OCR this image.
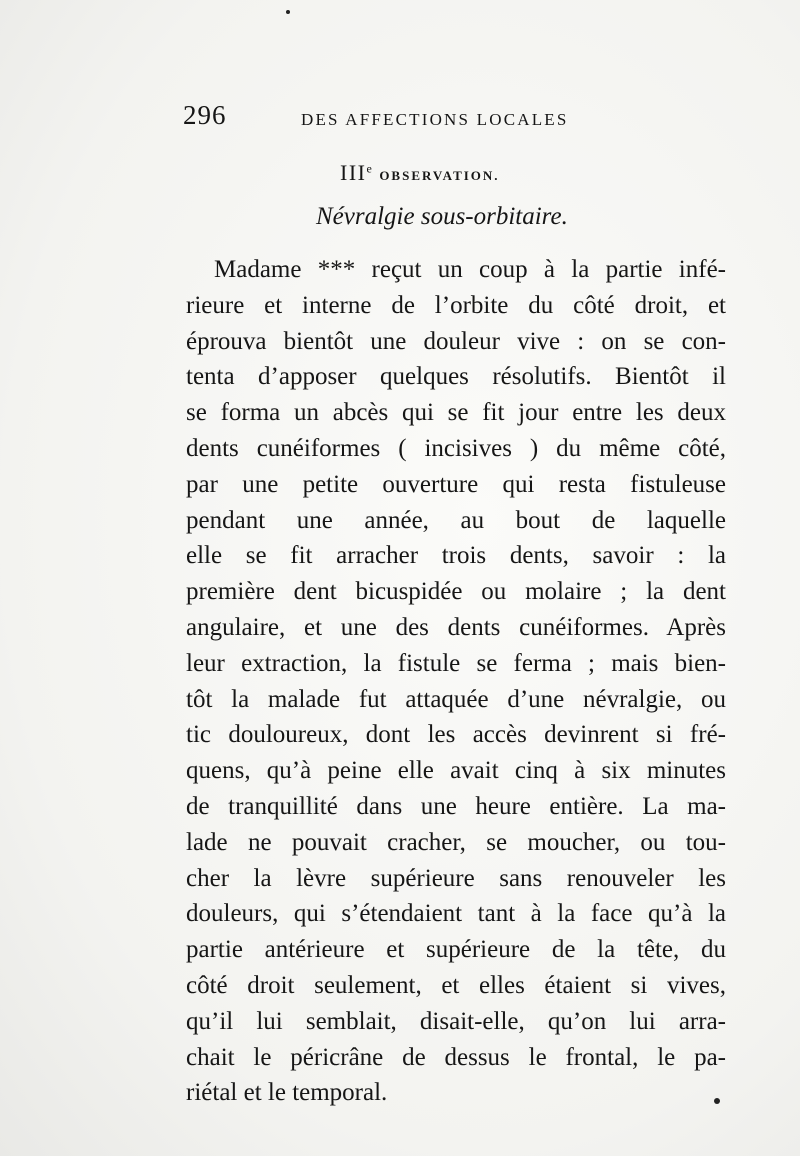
296	DES AFFECTIONS LOCALES
IIIe OBSERVATION.
Névralgie sous-orbitaire.
Madame *** reçut un coup à la partie infé-
rieure et interne de l’orbite du côté droit, et
éprouva bientôt une douleur vive : on se con-
tenta d’apposer quelques résolutifs. Bientôt il
se forma un abcès qui se fit jour entre les deux
dents cunéiformes ( incisives ) du même côté,
par une petite ouverture qui resta fistuleuse
pendant une année, au bout de laquelle
elle se fit arracher trois dents, savoir : la
première dent bicuspidée ou molaire ; la dent
angulaire, et une des dents cunéiformes. Après
leur extraction, la fistule se ferma ; mais bien-
tôt la malade fut attaquée d’une névralgie, ou
tic douloureux, dont les accès devinrent si fré-
quens, qu’à peine elle avait cinq à six minutes
de tranquillité dans une heure entière. La ma-
lade ne pouvait cracher, se moucher, ou tou-
cher la lèvre supérieure sans renouveler les
douleurs, qui s’étendaient tant à la face qu’à la
partie antérieure et supérieure de la tête, du
côté droit seulement, et elles étaient si vives,
qu’il lui semblait, disait-elle, qu’on lui arra-
chait le péricrâne de dessus le frontal, le pa-
riétal et le temporal.
